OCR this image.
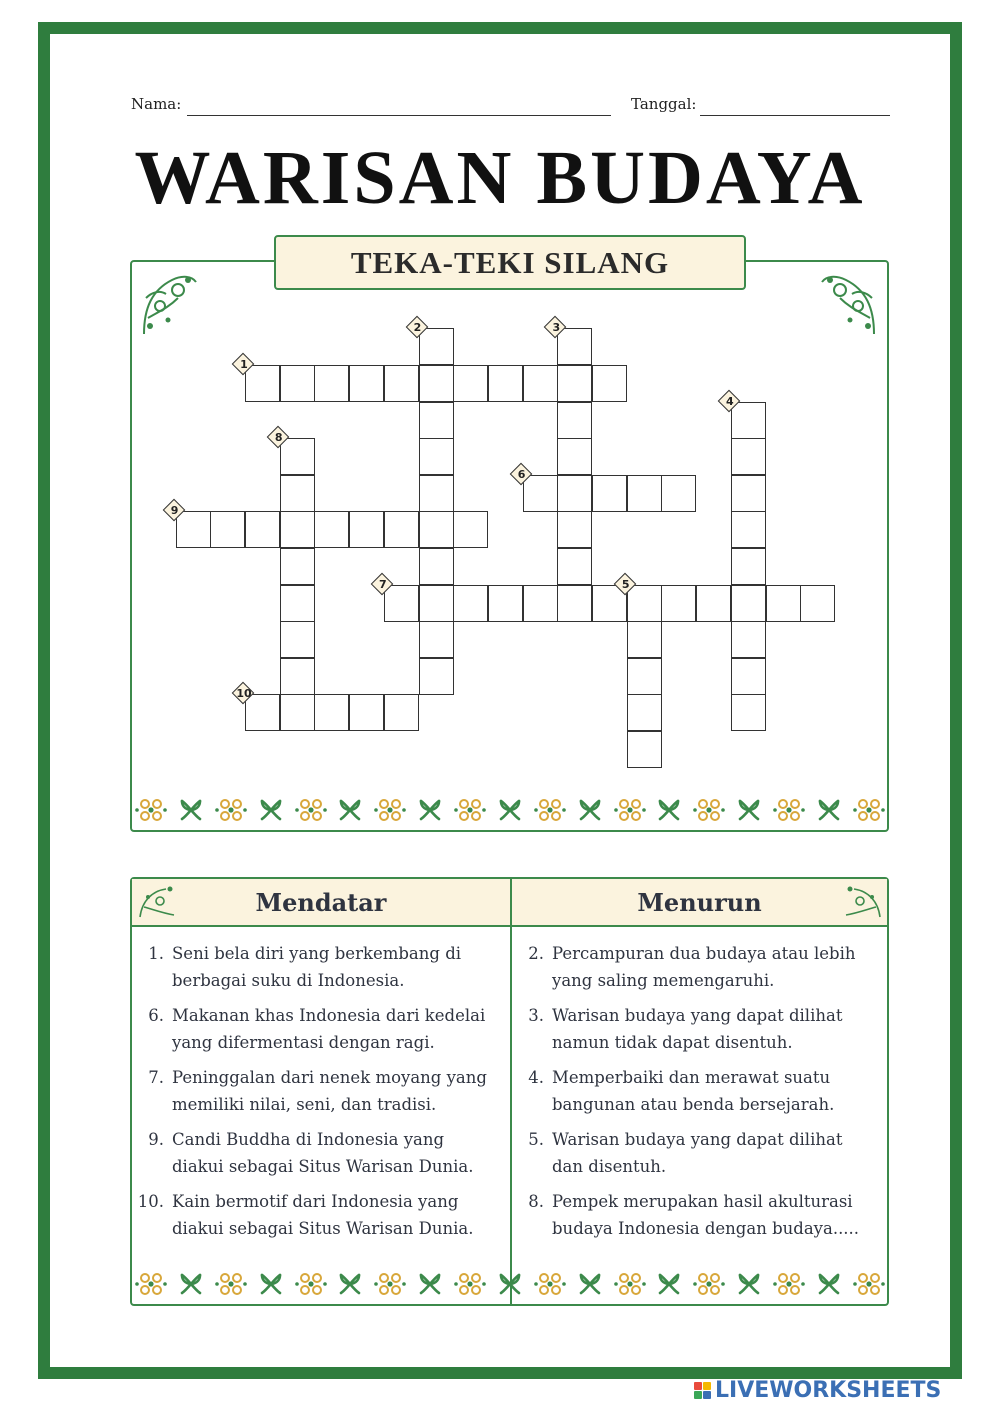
Nama:	Tanggal:
WARISAN BUDAYA
TEKA-TEKI SILANG
1
2	3
4
5
6
7
8
9
10
Mendatar	Menurun
1. Seni bela diri yang berkembang di berbagai suku di Indonesia.
6. Makanan khas Indonesia dari kedelai yang difermentasi dengan ragi.
7. Peninggalan dari nenek moyang yang memiliki nilai, seni, dan tradisi.
9. Candi Buddha di Indonesia yang diakui sebagai Situs Warisan Dunia.
10. Kain bermotif dari Indonesia yang diakui sebagai Situs Warisan Dunia.
2. Percampuran dua budaya atau lebih yang saling memengaruhi.
3. Warisan budaya yang dapat dilihat namun tidak dapat disentuh.
4. Memperbaiki dan merawat suatu bangunan atau benda bersejarah.
5. Warisan budaya yang dapat dilihat dan disentuh.
8. Pempek merupakan hasil akulturasi budaya Indonesia dengan budaya.....
LIVEWORKSHEETS
